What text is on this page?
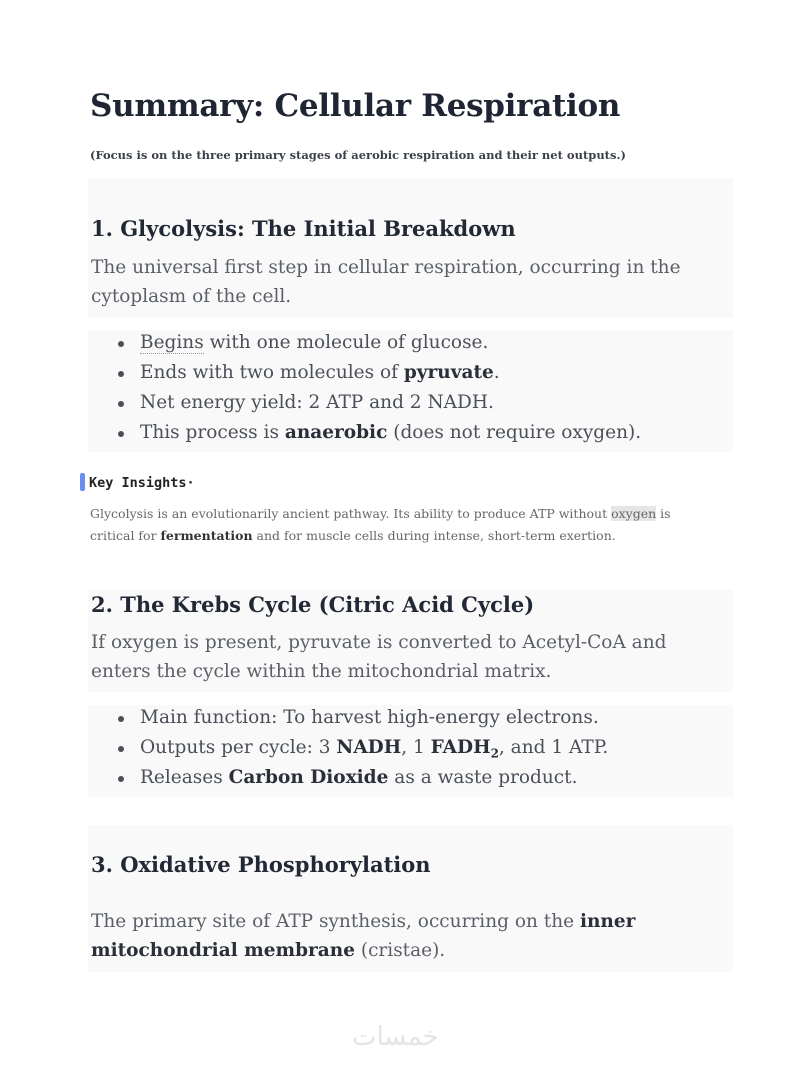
Summary: Cellular Respiration
(Focus is on the three primary stages of aerobic respiration and their net outputs.)
1. Glycolysis: The Initial Breakdown
The universal first step in cellular respiration, occurring in the cytoplasm of the cell.
Begins with one molecule of glucose.
Ends with two molecules of pyruvate.
Net energy yield: 2 ATP and 2 NADH.
This process is anaerobic (does not require oxygen).
Key Insights·
Glycolysis is an evolutionarily ancient pathway. Its ability to produce ATP without oxygen is critical for fermentation and for muscle cells during intense, short-term exertion.
2. The Krebs Cycle (Citric Acid Cycle)
If oxygen is present, pyruvate is converted to Acetyl-CoA and enters the cycle within the mitochondrial matrix.
Main function: To harvest high-energy electrons.
Outputs per cycle: 3 NADH, 1 $FADH_2$, and 1 ATP.
Releases Carbon Dioxide as a waste product.
3. Oxidative Phosphorylation
The primary site of ATP synthesis, occurring on the inner mitochondrial membrane (cristae).
خمسات
